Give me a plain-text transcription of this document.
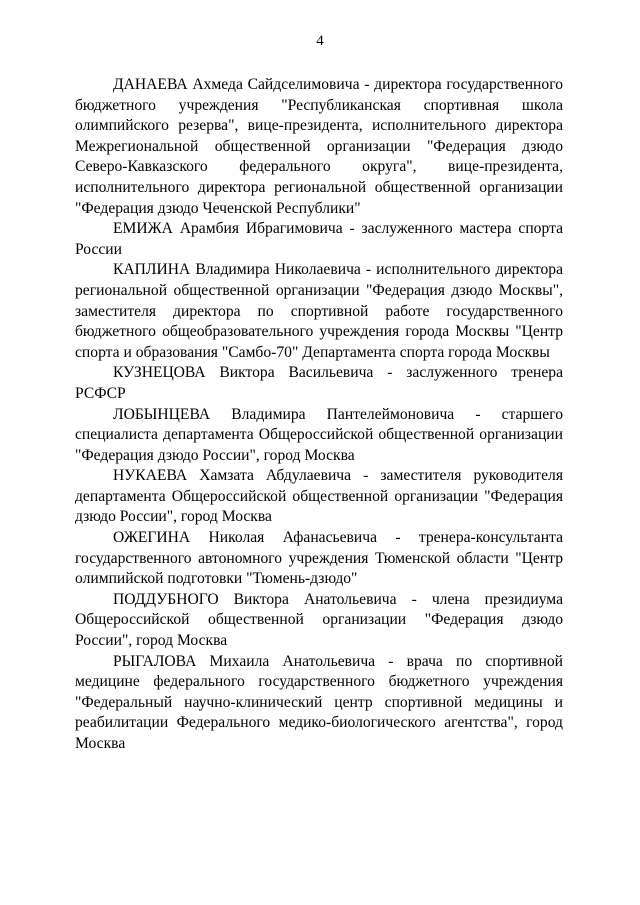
4

ДАНАЕВА Ахмеда Сайдселимовича - директора государственного бюджетного учреждения "Республиканская спортивная школа олимпийского резерва", вице-президента, исполнительного директора Межрегиональной общественной организации "Федерация дзюдо Северо-Кавказского федерального округа", вице-президента, исполнительного директора региональной общественной организации "Федерация дзюдо Чеченской Республики"

ЕМИЖА Арамбия Ибрагимовича - заслуженного мастера спорта России

КАПЛИНА Владимира Николаевича - исполнительного директора региональной общественной организации "Федерация дзюдо Москвы", заместителя директора по спортивной работе государственного бюджетного общеобразовательного учреждения города Москвы "Центр спорта и образования "Самбо-70" Департамента спорта города Москвы

КУЗНЕЦОВА Виктора Васильевича - заслуженного тренера РСФСР

ЛОБЫНЦЕВА Владимира Пантелеймоновича - старшего специалиста департамента Общероссийской общественной организации "Федерация дзюдо России", город Москва

НУКАЕВА Хамзата Абдулаевича - заместителя руководителя департамента Общероссийской общественной организации "Федерация дзюдо России", город Москва

ОЖЕГИНА Николая Афанасьевича - тренера-консультанта государственного автономного учреждения Тюменской области "Центр олимпийской подготовки "Тюмень-дзюдо"

ПОДДУБНОГО Виктора Анатольевича - члена президиума Общероссийской общественной организации "Федерация дзюдо России", город Москва

РЫГАЛОВА Михаила Анатольевича - врача по спортивной медицине федерального государственного бюджетного учреждения "Федеральный научно-клинический центр спортивной медицины и реабилитации Федерального медико-биологического агентства", город Москва
